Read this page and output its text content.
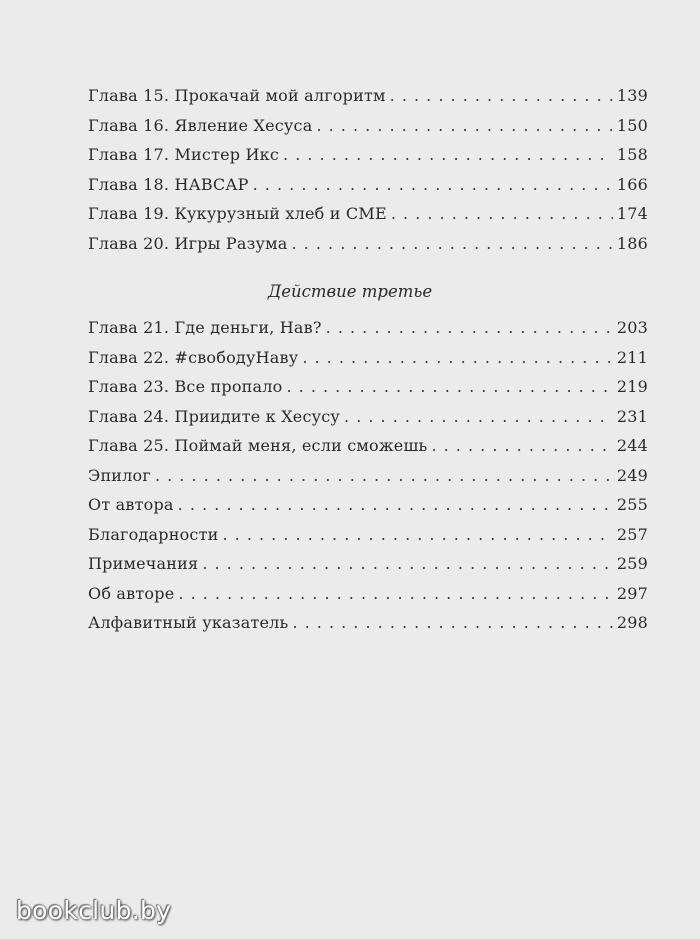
Глава 15. Прокачай мой алгоритм . . .	139
Глава 16. Явление Хесуса . . .	150
Глава 17. Мистер Икс . . .	158
Глава 18. НАВСАР . . .	166
Глава 19. Кукурузный хлеб и СМЕ . . .	174
Глава 20. Игры Разума . . .	186
Действие третье
Глава 21. Где деньги, Нав? . . .	203
Глава 22. #свободуНаву . . .	211
Глава 23. Все пропало . . .	219
Глава 24. Приидите к Хесусу . . .	231
Глава 25. Поймай меня, если сможешь . . .	244
Эпилог . . .	249
От автора . . .	255
Благодарности . . .	257
Примечания . . .	259
Об авторе . . .	297
Алфавитный указатель . . .	298
bookclub.by
